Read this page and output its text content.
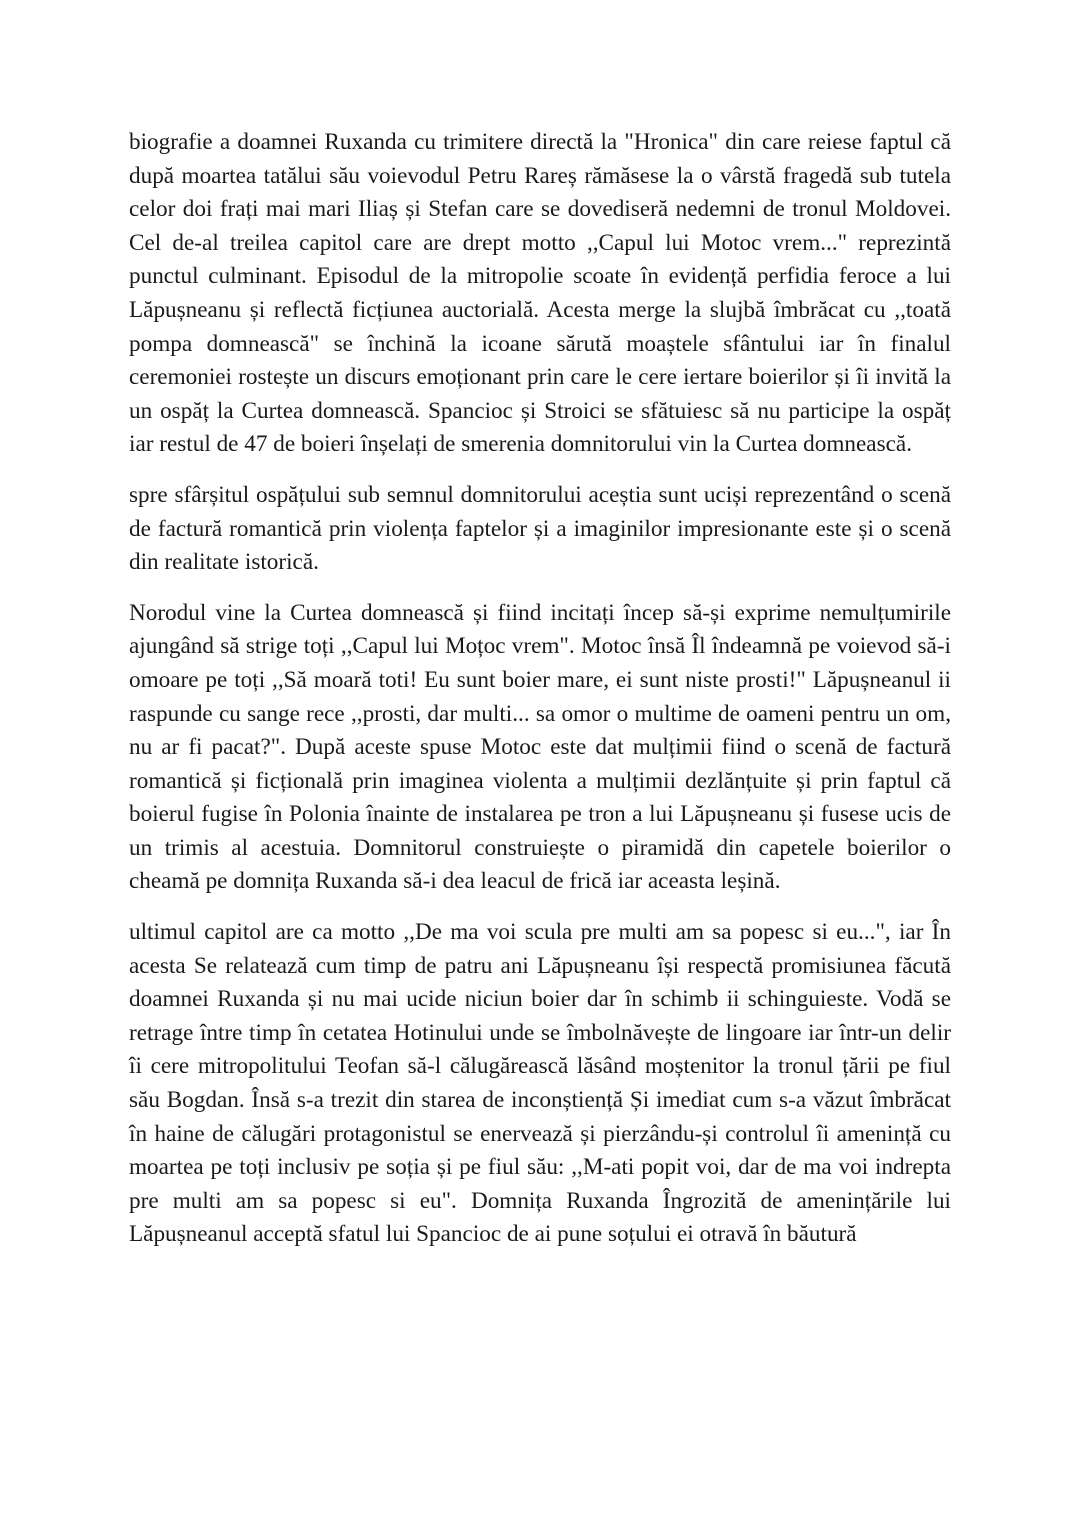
biografie a doamnei Ruxanda cu trimitere directă la "Hronica" din care reiese faptul că după moartea tatălui său voievodul Petru Rareș rămăsese la o vârstă fragedă sub tutela celor doi frați mai mari Iliaș și Stefan care se dovediseră nedemni de tronul Moldovei. Cel de-al treilea capitol care are drept motto ,,Capul lui Motoc vrem..." reprezintă punctul culminant. Episodul de la mitropolie scoate în evidență perfidia feroce a lui Lăpușneanu și reflectă ficțiunea auctorială. Acesta merge la slujbă îmbrăcat cu ,,toată pompa domnească" se închină la icoane sărută moaștele sfântului iar în finalul ceremoniei rostește un discurs emoționant prin care le cere iertare boierilor și îi invită la un ospăț la Curtea domnească. Spancioc și Stroici se sfătuiesc să nu participe la ospăț iar restul de 47 de boieri înșelați de smerenia domnitorului vin la Curtea domnească.

spre sfârșitul ospățului sub semnul domnitorului aceștia sunt uciși reprezentând o scenă de factură romantică prin violența faptelor și a imaginilor impresionante este și o scenă din realitate istorică.

Norodul vine la Curtea domnească și fiind incitați încep să-și exprime nemulțumirile ajungând să strige toți ,,Capul lui Moțoc vrem". Motoc însă Îl îndeamnă pe voievod să-i omoare pe toți ,,Să moară toti! Eu sunt boier mare, ei sunt niste prosti!" Lăpușneanul ii raspunde cu sange rece ,,prosti, dar multi... sa omor o multime de oameni pentru un om, nu ar fi pacat?". După aceste spuse Motoc este dat mulțimii fiind o scenă de factură romantică și ficțională prin imaginea violenta a mulțimii dezlănțuite și prin faptul că boierul fugise în Polonia înainte de instalarea pe tron a lui Lăpușneanu și fusese ucis de un trimis al acestuia. Domnitorul construiește o piramidă din capetele boierilor o cheamă pe domnița Ruxanda să-i dea leacul de frică iar aceasta leșină.

ultimul capitol are ca motto ,,De ma voi scula pre multi am sa popesc si eu...", iar În acesta Se relatează cum timp de patru ani Lăpușneanu își respectă promisiunea făcută doamnei Ruxanda și nu mai ucide niciun boier dar în schimb ii schinguieste. Vodă se retrage între timp în cetatea Hotinului unde se îmbolnăvește de lingoare iar într-un delir îi cere mitropolitului Teofan să-l călugărească lăsând moștenitor la tronul țării pe fiul său Bogdan. Însă s-a trezit din starea de inconștiență Și imediat cum s-a văzut îmbrăcat în haine de călugări protagonistul se enervează și pierzându-și controlul îi amenință cu moartea pe toți inclusiv pe soția și pe fiul său: ,,M-ati popit voi, dar de ma voi indrepta pre multi am sa popesc si eu". Domnița Ruxanda Îngrozită de amenințările lui Lăpușneanul acceptă sfatul lui Spancioc de ai pune soțului ei otravă în băutură
